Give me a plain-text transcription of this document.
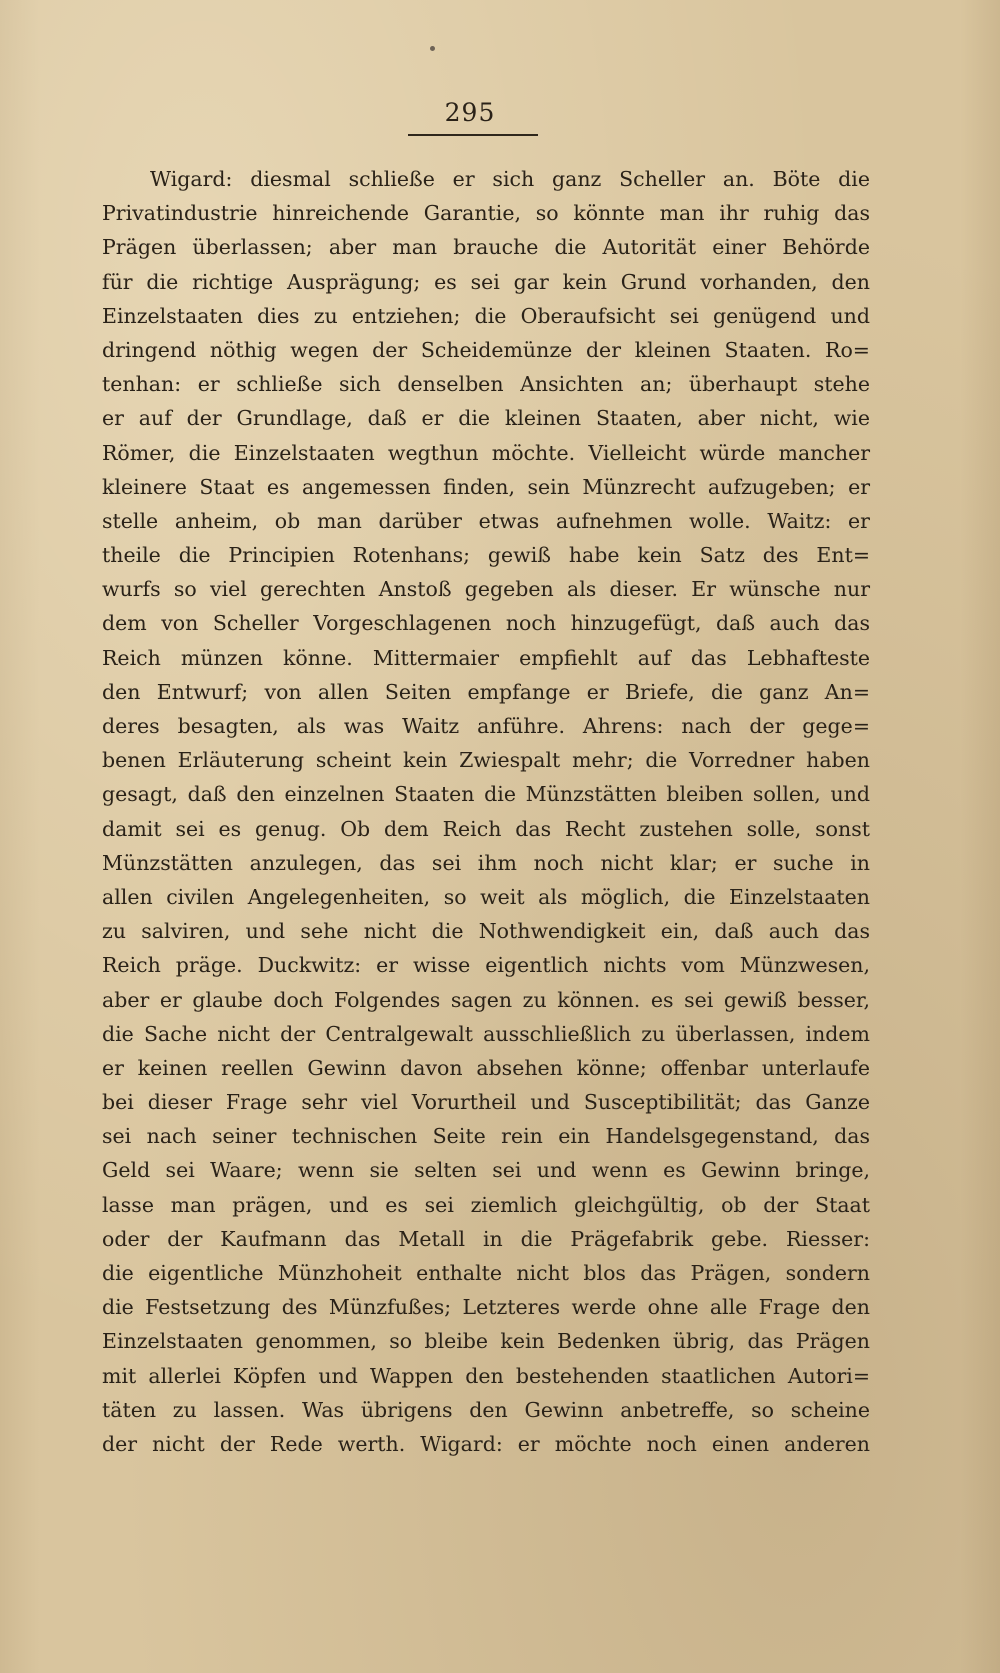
295
Wigard: diesmal schließe er sich ganz Scheller an. Böte die
Privatindustrie hinreichende Garantie, so könnte man ihr ruhig das
Prägen überlassen; aber man brauche die Autorität einer Behörde
für die richtige Ausprägung; es sei gar kein Grund vorhanden, den
Einzelstaaten dies zu entziehen; die Oberaufsicht sei genügend und
dringend nöthig wegen der Scheidemünze der kleinen Staaten. Ro=
tenhan: er schließe sich denselben Ansichten an; überhaupt stehe
er auf der Grundlage, daß er die kleinen Staaten, aber nicht, wie
Römer, die Einzelstaaten wegthun möchte. Vielleicht würde mancher
kleinere Staat es angemessen finden, sein Münzrecht aufzugeben; er
stelle anheim, ob man darüber etwas aufnehmen wolle. Waitz: er
theile die Principien Rotenhans; gewiß habe kein Satz des Ent=
wurfs so viel gerechten Anstoß gegeben als dieser. Er wünsche nur
dem von Scheller Vorgeschlagenen noch hinzugefügt, daß auch das
Reich münzen könne. Mittermaier empfiehlt auf das Lebhafteste
den Entwurf; von allen Seiten empfange er Briefe, die ganz An=
deres besagten, als was Waitz anführe. Ahrens: nach der gege=
benen Erläuterung scheint kein Zwiespalt mehr; die Vorredner haben
gesagt, daß den einzelnen Staaten die Münzstätten bleiben sollen, und
damit sei es genug. Ob dem Reich das Recht zustehen solle, sonst
Münzstätten anzulegen, das sei ihm noch nicht klar; er suche in
allen civilen Angelegenheiten, so weit als möglich, die Einzelstaaten
zu salviren, und sehe nicht die Nothwendigkeit ein, daß auch das
Reich präge. Duckwitz: er wisse eigentlich nichts vom Münzwesen,
aber er glaube doch Folgendes sagen zu können. es sei gewiß besser,
die Sache nicht der Centralgewalt ausschließlich zu überlassen, indem
er keinen reellen Gewinn davon absehen könne; offenbar unterlaufe
bei dieser Frage sehr viel Vorurtheil und Susceptibilität; das Ganze
sei nach seiner technischen Seite rein ein Handelsgegenstand, das
Geld sei Waare; wenn sie selten sei und wenn es Gewinn bringe,
lasse man prägen, und es sei ziemlich gleichgültig, ob der Staat
oder der Kaufmann das Metall in die Prägefabrik gebe. Riesser:
die eigentliche Münzhoheit enthalte nicht blos das Prägen, sondern
die Festsetzung des Münzfußes; Letzteres werde ohne alle Frage den
Einzelstaaten genommen, so bleibe kein Bedenken übrig, das Prägen
mit allerlei Köpfen und Wappen den bestehenden staatlichen Autori=
täten zu lassen. Was übrigens den Gewinn anbetreffe, so scheine
der nicht der Rede werth. Wigard: er möchte noch einen anderen
